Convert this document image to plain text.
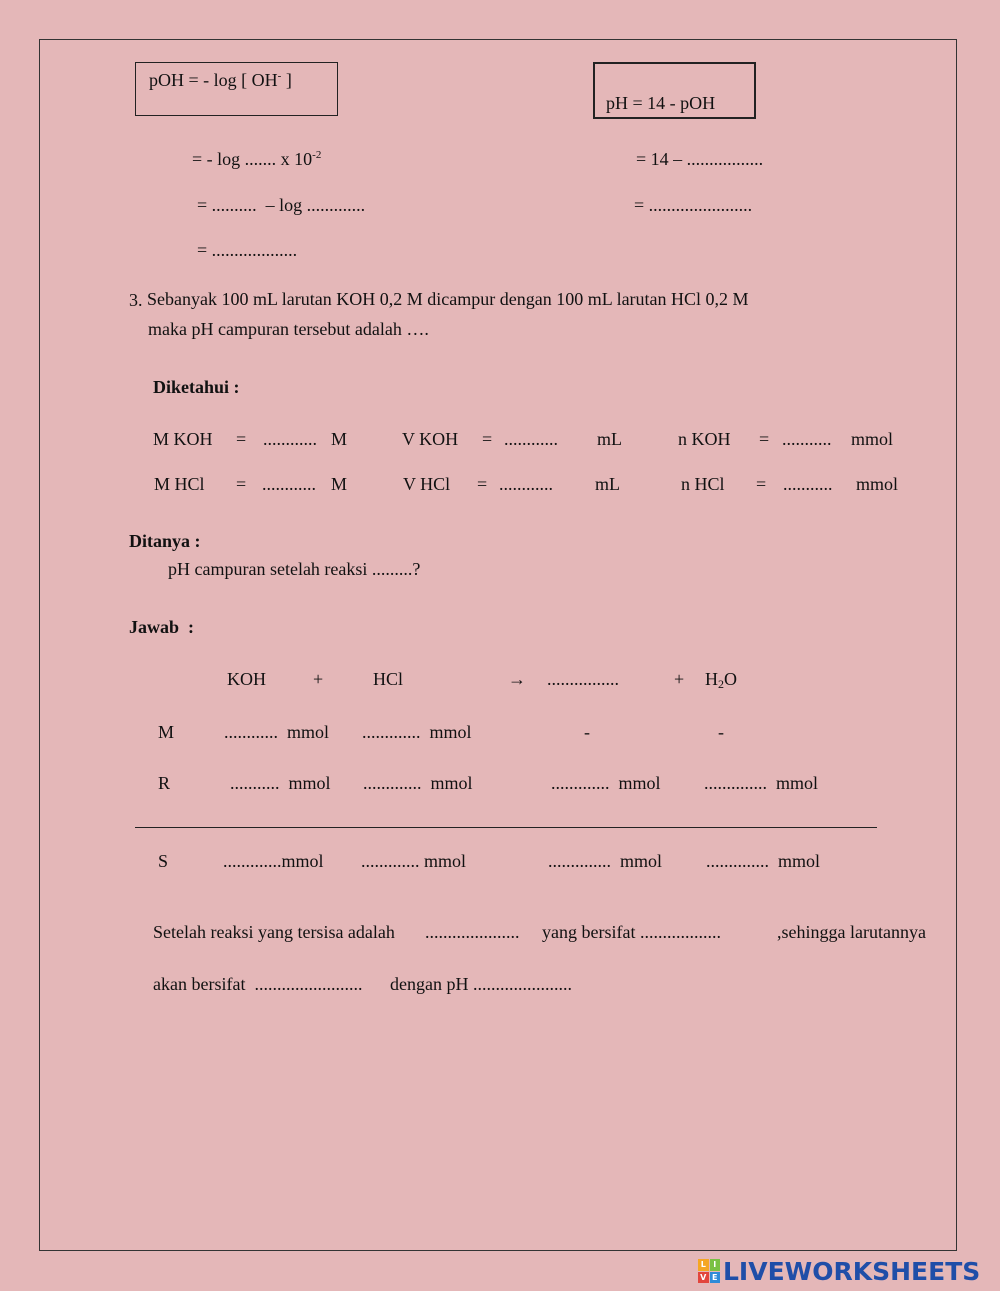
pOH = - log [ OH- ]
pH = 14 - pOH
= - log ....... x $10^{-2}$
= ..........  – log .............
= ...................
= 14 – .................
= .......................
3. Sebanyak 100 mL larutan KOH 0,2 M dicampur dengan 100 mL larutan HCl 0,2 M
maka pH campuran tersebut adalah ….
Diketahui :
M KOH = ............ M	V KOH = ............ mL	n KOH = ........... mmol
M HCl = ............ M	V HCl = ............ mL	n HCl = ........... mmol
Ditanya :
pH campuran setelah reaksi .........?
Jawab  :
KOH	+	HCl	→ ................	+ $H_2O$
M	............  mmol .............  mmol	-	-
R	...........  mmol .............  mmol	.............  mmol ..............  mmol
S	.............mmol ............. mmol	..............  mmol ..............  mmol
Setelah reaksi yang tersisa adalah ..................... yang bersifat ..................	,sehingga larutannya
akan bersifat  ........................ dengan pH ......................
L I
V E LIVEWORKSHEETS
